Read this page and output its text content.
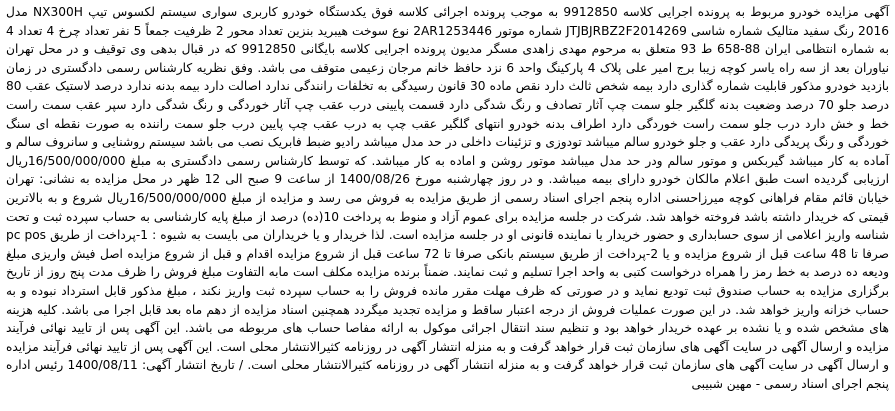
آگهی مزایده خودرو مربوط به پرونده اجرایی کلاسه 9912850 به موجب پرونده اجرائی کلاسه فوق یکدستگاه خودرو کاربری سواری سیستم لکسوس تیپ NX300H مدل 2016 رنگ سفید متالیک شماره شاسی JTJBJRBZ2F2014269 شماره موتور 2AR1253446 نوع سوخت هیبرید بنزین تعداد محور 2 ظرفیت جمعاً 5 نفر تعداد چرخ 4 تعداد 4 به شماره انتظامی ایران 88-658 ط 93 متعلق به مرحوم مهدی زاهدی مسگر مدیون پرونده اجرایی کلاسه بایگانی 9912850 که در قبال بدهی وی توقیف و در محل تهران نیاوران بعد از سه راه یاسر کوچه زیبا برج امیر علی پلاک 4 پارکینگ واحد 6 نزد حافظ خانم مرجان زعیمی متوقف می باشد. وفق نظریه کارشناس رسمی دادگستری در زمان بازدید خودرو مذکور قابلیت شماره گذاری دارد بیمه شخص ثالث دارد نقص ماده 30 قانون رسیدگی به تخلفات رانندگی ندارد اصالت دارد بیمه بدنه ندارد درصد لاستیک عقب 80 درصد جلو 70 درصد وضعیت بدنه گلگیر جلو سمت چپ آثار تصادف و رنگ شدگی دارد قسمت پایینی درب عقب چپ آثار خوردگی و رنگ شدگی دارد سپر عقب سمت راست خط و خش دارد درب جلو سمت راست خوردگی دارد اطراف بدنه خودرو انتهای گلگیر عقب چپ به درب عقب چپ پایین درب جلو سمت راننده به صورت نقطه ای سنگ خوردگی و رنگ پریدگی دارد عقب و جلو خودرو سالم میباشد تودوزی و تزئینات داخلی در حد مدل میباشد رادیو ضبط فابریک نصب می باشد سیستم روشنایی و سانروف سالم و آماده به کار میباشد گیربکس و موتور سالم ودر حد مدل میباشد موتور روشن و اماده به کار میباشد. که توسط کارشناس رسمی دادگستری به مبلغ 16/500/000/000ریال ارزیابی گردیده است طبق اعلام مالکان خودرو دارای بیمه میباشد. و در روز چهارشنبه مورخ 1400/08/26 از ساعت 9 صبح الی 12 ظهر در محل مزایده به نشانی: تهران خیابان قائم مقام فراهانی کوچه میرزاحسنی اداره پنجم اجرای اسناد رسمی از طریق مزایده به فروش می رسد و مزایده از مبلغ 16/500/000/000ریال شروع و به بالاترین قیمتی که خریدار داشته باشد فروخته خواهد شد. شرکت در جلسه مزایده برای عموم آزاد و منوط به پرداخت 10(ده) درصد از مبلغ پایه کارشناسی به حساب سپرده ثبت و تحت شناسه واریز اعلامی از سوی حسابداری و حضور خریدار یا نماینده قانونی او در جلسه مزایده است. لذا خریدار و یا خریداران می بایست به شیوه : 1-پرداخت از طریق pc pos صرفا تا 48 ساعت قبل از شروع مزایده و یا 2-پرداخت از طریق سیستم بانکی صرفا تا 72 ساعت قبل از شروع مزایده اقدام و قبل از شروع مزایده اصل فیش واریزی مبلغ ودیعه ده درصد به خط رمز را همراه درخواست کتبی به واحد اجرا تسلیم و ثبت نمایند. ضمناً برنده مزایده مکلف است مابه التفاوت مبلغ فروش را ظرف مدت پنج روز از تاریخ برگزاری مزایده به حساب صندوق ثبت تودیع نماید و در صورتی که ظرف مهلت مقرر مانده فروش را به حساب سپرده ثبت واریز نکند ، مبلغ مذکور قابل استرداد نبوده و به حساب خزانه واریز خواهد شد. در این صورت عملیات فروش از درجه اعتبار ساقط و مزایده تجدید میگردد همچنین اسناد مزایده از دهم ماه بعد قابل اجرا می باشد. کلیه هزینه های مشخص شده و یا نشده بر عهده خریدار خواهد بود و تنظیم سند انتقال اجرائی موکول به ارائه مفاصا حساب های مربوطه می باشد. این آگهی پس از تایید نهائی فرآیند مزایده و ارسال آگهی در سایت آگهی های سازمان ثبت قرار خواهد گرفت و به منزله انتشار آگهی در روزنامه کثیرالانتشار محلی است. این آگهی پس از تایید نهائی فرآیند مزایده و ارسال آگهی در سایت آگهی های سازمان ثبت قرار خواهد گرفت و به منزله انتشار آگهی در روزنامه کثیرالانتشار محلی است. / تاریخ انتشار آگهی: 1400/08/11 رئیس اداره پنجم اجرای اسناد رسمی - مهین شبیبی
